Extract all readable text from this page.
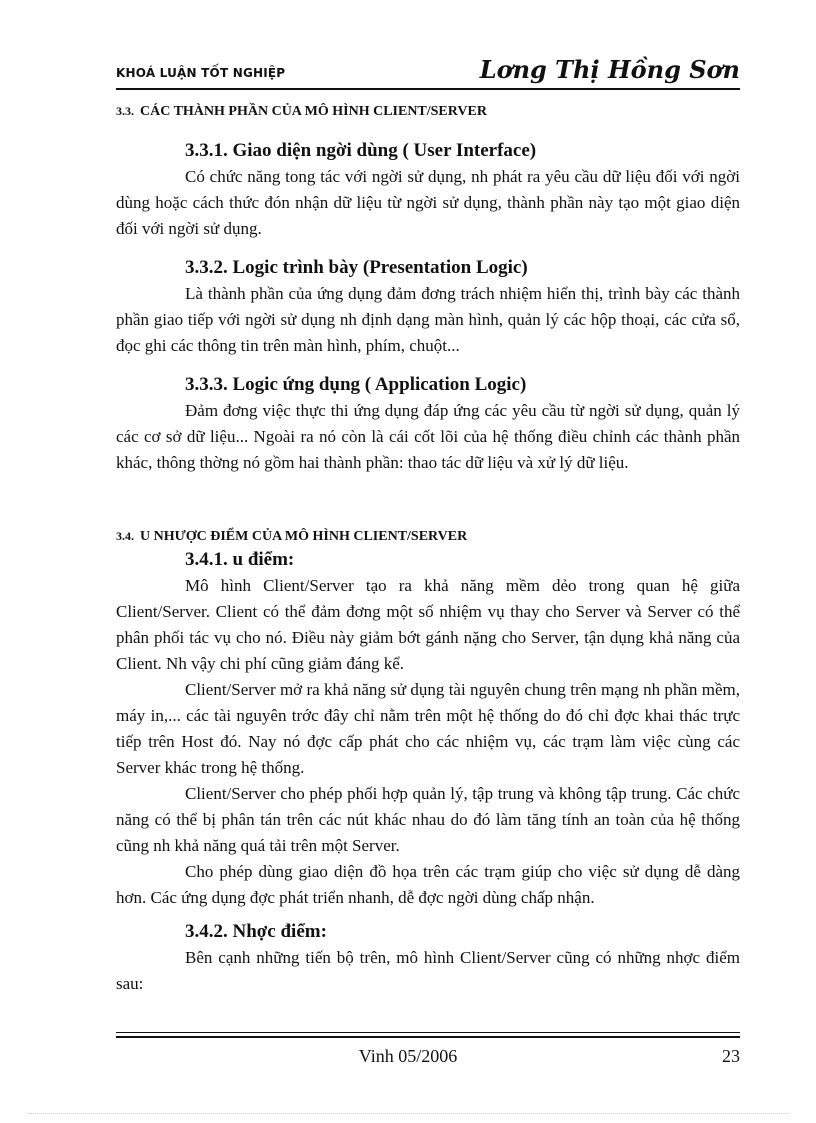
KHOÁ LUẬN TỐT NGHIỆP	Lơng Thị Hồng Sơn
3.3. CÁC THÀNH PHẦN CỦA MÔ HÌNH CLIENT/SERVER
3.3.1. Giao diện ngời dùng ( User Interface)

Có chức năng tong tác với ngời sử dụng, nh phát ra yêu cầu dữ liệu đối với ngời dùng hoặc cách thức đón nhận dữ liệu từ ngời sử dụng, thành phần này tạo một giao diện đối với ngời sử dụng.

3.3.2. Logic trình bày (Presentation Logic)

Là thành phần của ứng dụng đảm đơng trách nhiệm hiển thị, trình bày các thành phần giao tiếp với ngời sử dụng nh định dạng màn hình, quản lý các hộp thoại, các cửa sổ, đọc ghi các thông tin trên màn hình, phím, chuột...

3.3.3. Logic ứng dụng ( Application Logic)

Đảm đơng việc thực thi ứng dụng đáp ứng các yêu cầu từ ngời sử dụng, quản lý các cơ sở dữ liệu... Ngoài ra nó còn là cái cốt lõi của hệ thống điều chỉnh các thành phần khác, thông thờng nó gồm hai thành phần: thao tác dữ liệu và xử lý dữ liệu.

3.4. U NHƯỢC ĐIỂM CỦA MÔ HÌNH CLIENT/SERVER
3.4.1. u điểm:

Mô hình Client/Server tạo ra khả năng mềm dẻo trong quan hệ giữa Client/Server. Client có thể đảm đơng một số nhiệm vụ thay cho Server và Server có thể phân phối tác vụ cho nó. Điều này giảm bớt gánh nặng cho Server, tận dụng khả năng của Client. Nh vậy chi phí cũng giảm đáng kể.

Client/Server mở ra khả năng sử dụng tài nguyên chung trên mạng nh phần mềm, máy in,... các tài nguyên trớc đây chỉ nằm trên một hệ thống do đó chỉ đợc khai thác trực tiếp trên Host đó. Nay nó đợc cấp phát cho các nhiệm vụ, các trạm làm việc cùng các Server khác trong hệ thống.

Client/Server cho phép phối hợp quản lý, tập trung và không tập trung. Các chức năng có thể bị phân tán trên các nút khác nhau do đó làm tăng tính an toàn của hệ thống cũng nh khả năng quá tải trên một Server.

Cho phép dùng giao diện đồ họa trên các trạm giúp cho việc sử dụng dễ dàng hơn. Các ứng dụng đợc phát triển nhanh, dễ đợc ngời dùng chấp nhận.

3.4.2. Nhợc điểm:

Bên cạnh những tiến bộ trên, mô hình Client/Server cũng có những nhợc điểm sau:

Vinh 05/2006	23
